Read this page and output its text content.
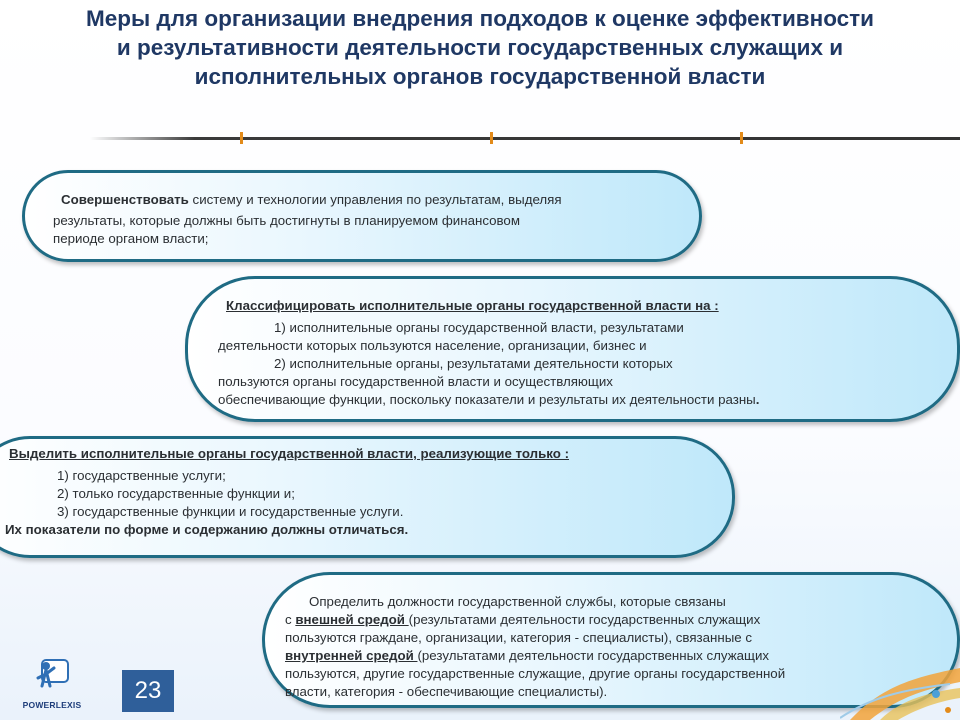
Меры для организации внедрения подходов к оценке эффективности и результативности деятельности государственных служащих и исполнительных органов государственной власти
Совершенствовать систему и технологии управления по результатам, выделяя
результаты, которые должны быть достигнуты в планируемом финансовом
периоде органом власти;
Классифицировать исполнительные органы государственной власти на :
1) исполнительные органы государственной власти, результатами
деятельности которых пользуются население, организации, бизнес и
2) исполнительные органы, результатами деятельности которых
пользуются органы государственной власти и осуществляющих
обеспечивающие функции, поскольку показатели и результаты их деятельности разны.
Выделить исполнительные органы государственной власти, реализующие только :
1) государственные услуги;
2) только государственные функции и;
3) государственные функции и государственные услуги.
Их показатели по форме и содержанию должны отличаться.
Определить должности государственной службы, которые связаны
с внешней средой (результатами деятельности государственных служащих
пользуются граждане, организации, категория - специалисты), связанные с
внутренней средой (результатами деятельности государственных служащих
пользуются, другие государственные служащие, другие органы государственной
власти, категория - обеспечивающие специалисты).
POWERLEXIS
23
